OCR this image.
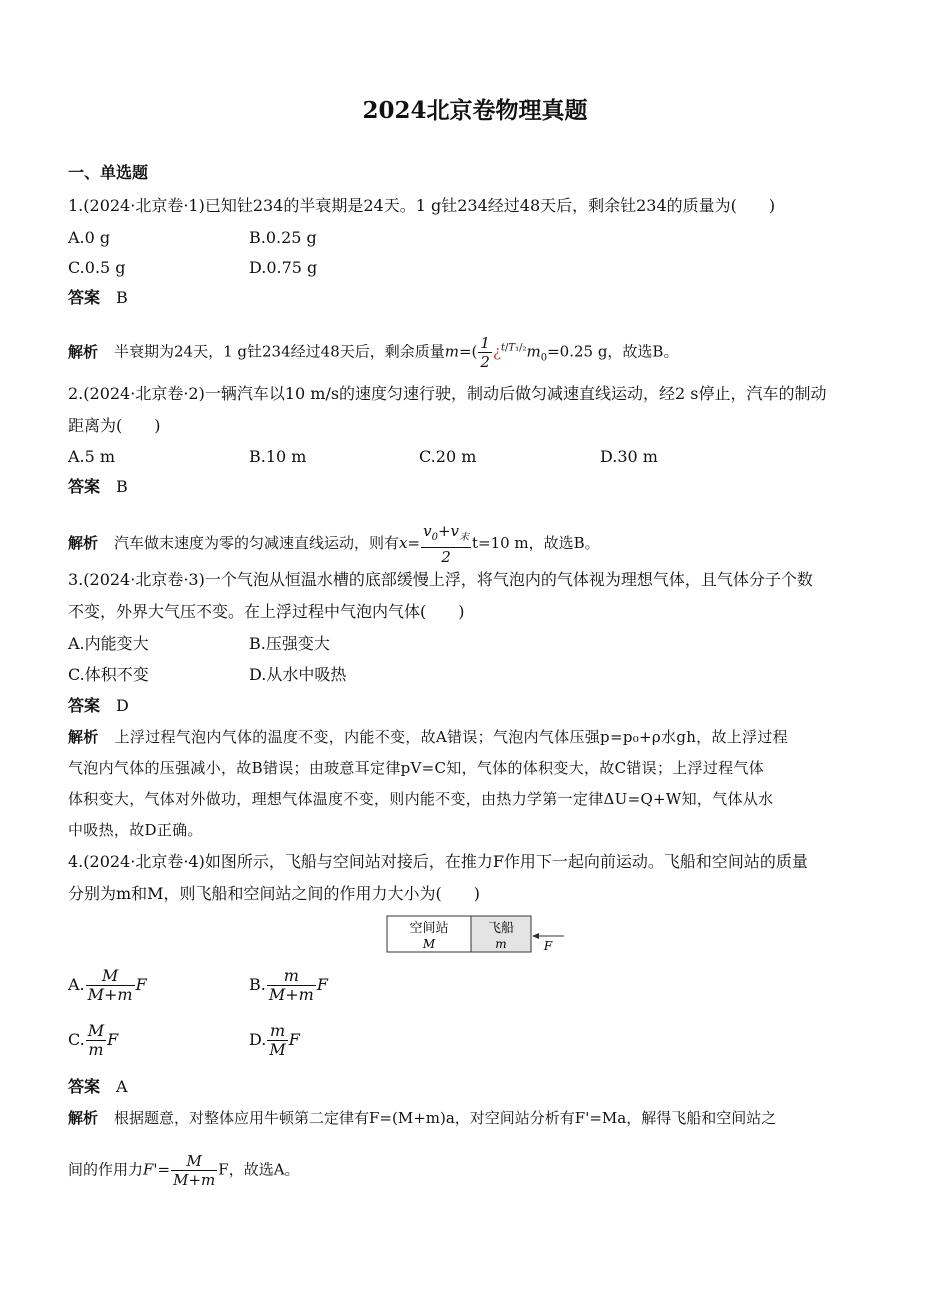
2024北京卷物理真题
一、单选题
1.(2024·北京卷·1)已知钍234的半衰期是24天。1 g钍234经过48天后，剩余钍234的质量为(　　)
A.0 g	B.0.25 g
C.0.5 g	D.0.75 g
答案 B
解析 半衰期为24天，1 g钍234经过48天后，剩余质量$m=( \frac{1}{2}$ ¿$^{t/T_1/_2}m_0=0.25$ g，故选B。
2.(2024·北京卷·2)一辆汽车以10 m/s的速度匀速行驶，制动后做匀减速直线运动，经2 s停止，汽车的制动
距离为(　　)
A.5 m	B.10 m	C.20 m	D.30 m
答案 B
解析 汽车做末速度为零的匀减速直线运动，则有$x= \frac{v_0+v_末}{2} t=10$ m，故选B。
3.(2024·北京卷·3)一个气泡从恒温水槽的底部缓慢上浮，将气泡内的气体视为理想气体，且气体分子个数
不变，外界大气压不变。在上浮过程中气泡内气体(　　)
A.内能变大	B.压强变大
C.体积不变	D.从水中吸热
答案 D
解析 上浮过程气泡内气体的温度不变，内能不变，故A错误；气泡内气体压强p=p₀+ρ水gh，故上浮过程
气泡内气体的压强减小，故B错误；由玻意耳定律pV=C知，气体的体积变大，故C错误；上浮过程气体
体积变大，气体对外做功，理想气体温度不变，则内能不变，由热力学第一定律ΔU=Q+W知，气体从水
中吸热，故D正确。
4.(2024·北京卷·4)如图所示，飞船与空间站对接后，在推力F作用下一起向前运动。飞船和空间站的质量
分别为m和M，则飞船和空间站之间的作用力大小为(　　)
空间站
M
飞船
m	F
A. $\frac{M}{M+m}$ F	B. $\frac{m}{M+m}$ F
C. $\frac{M}{m}$ F	D. $\frac{m}{M}$ F
答案 A
解析 根据题意，对整体应用牛顿第二定律有F=(M+m)a，对空间站分析有F'=Ma，解得飞船和空间站之
间的作用力$F'= \frac{M}{M+m}$ F，故选A。
